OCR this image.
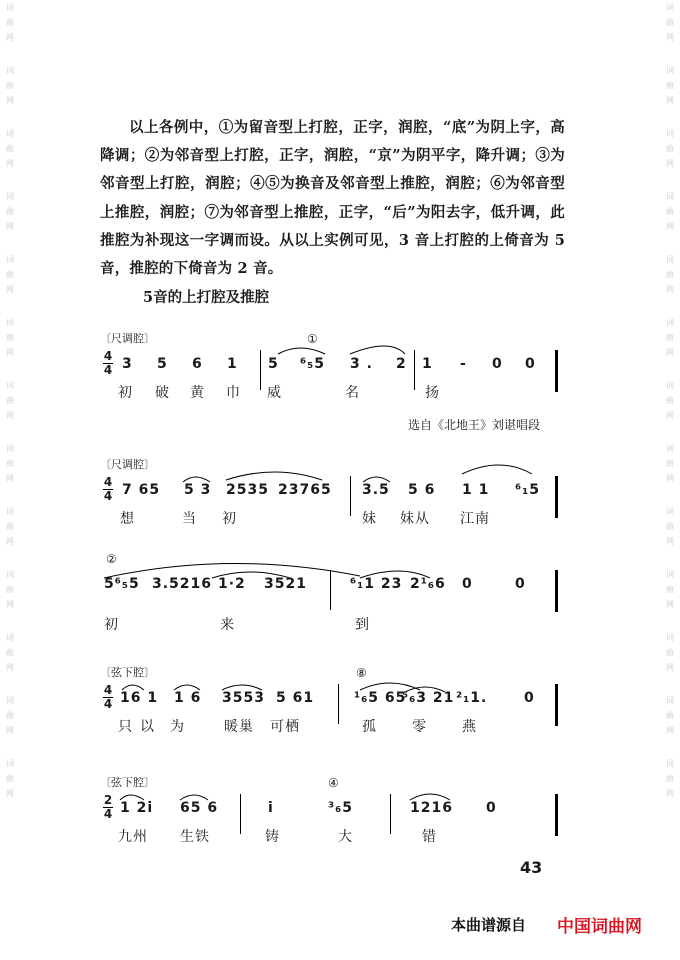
词
曲
网
词
曲
网
词
曲
网
词
曲
网
词
曲
网
词
曲
网
词
曲
网
词
曲
网
词
曲
网
词
曲
网
词
曲
网
词
曲
网
词
曲
网
词
曲
网
词
曲
网
词
曲
网
词
曲
网
词
曲
网
词
曲
网
词
曲
网
词
曲
网
词
曲
网
词
曲
网
词
曲
网
词
曲
网
词
曲
网

以上各例中，①为留音型上打腔，正字，润腔，“底”为阴上字，高降调；②为邻音型上打腔，正字，润腔，“京”为阴平字，降升调；③为邻音型上打腔，润腔；④⑤为换音及邻音型上推腔，润腔；⑥为邻音型上推腔，润腔；⑦为邻音型上推腔，正字，“后”为阳去字，低升调，此推腔为补现这一字调而设。从以上实例可见，3 音上打腔的上倚音为 5 音，推腔的下倚音为 2 音。

5音的上打腔及推腔
〔尺调腔〕
4
4
①
3 5 6 1 5 ⁶₅5 3 . 2 1 - 0 0
初 破 黄 巾 威	名	扬
选自《北地王》刘谌唱段
〔尺调腔〕
4
4 7 65 5 3 2535 23765 3.5 5 6 1 1 ⁶₁5
想	当 初	妹 妹从 江南
②
5⁶₅5 3.5216 1·2 3521	⁶₁1 23 2¹₆6 0	0
初	来	到
〔弦下腔〕
4
4
⑧
16 1 1 6 3553 5 61	¹₆5 65
⁵₆3 21 ²₁1.	0
只 以 为	暖巢 可栖	孤	零	燕
〔弦下腔〕
2
4
④
1 2i 65 6	i	³₆5	1216 0
九州 生铁	铸	大	错
43
本曲谱源自 中国词曲网
